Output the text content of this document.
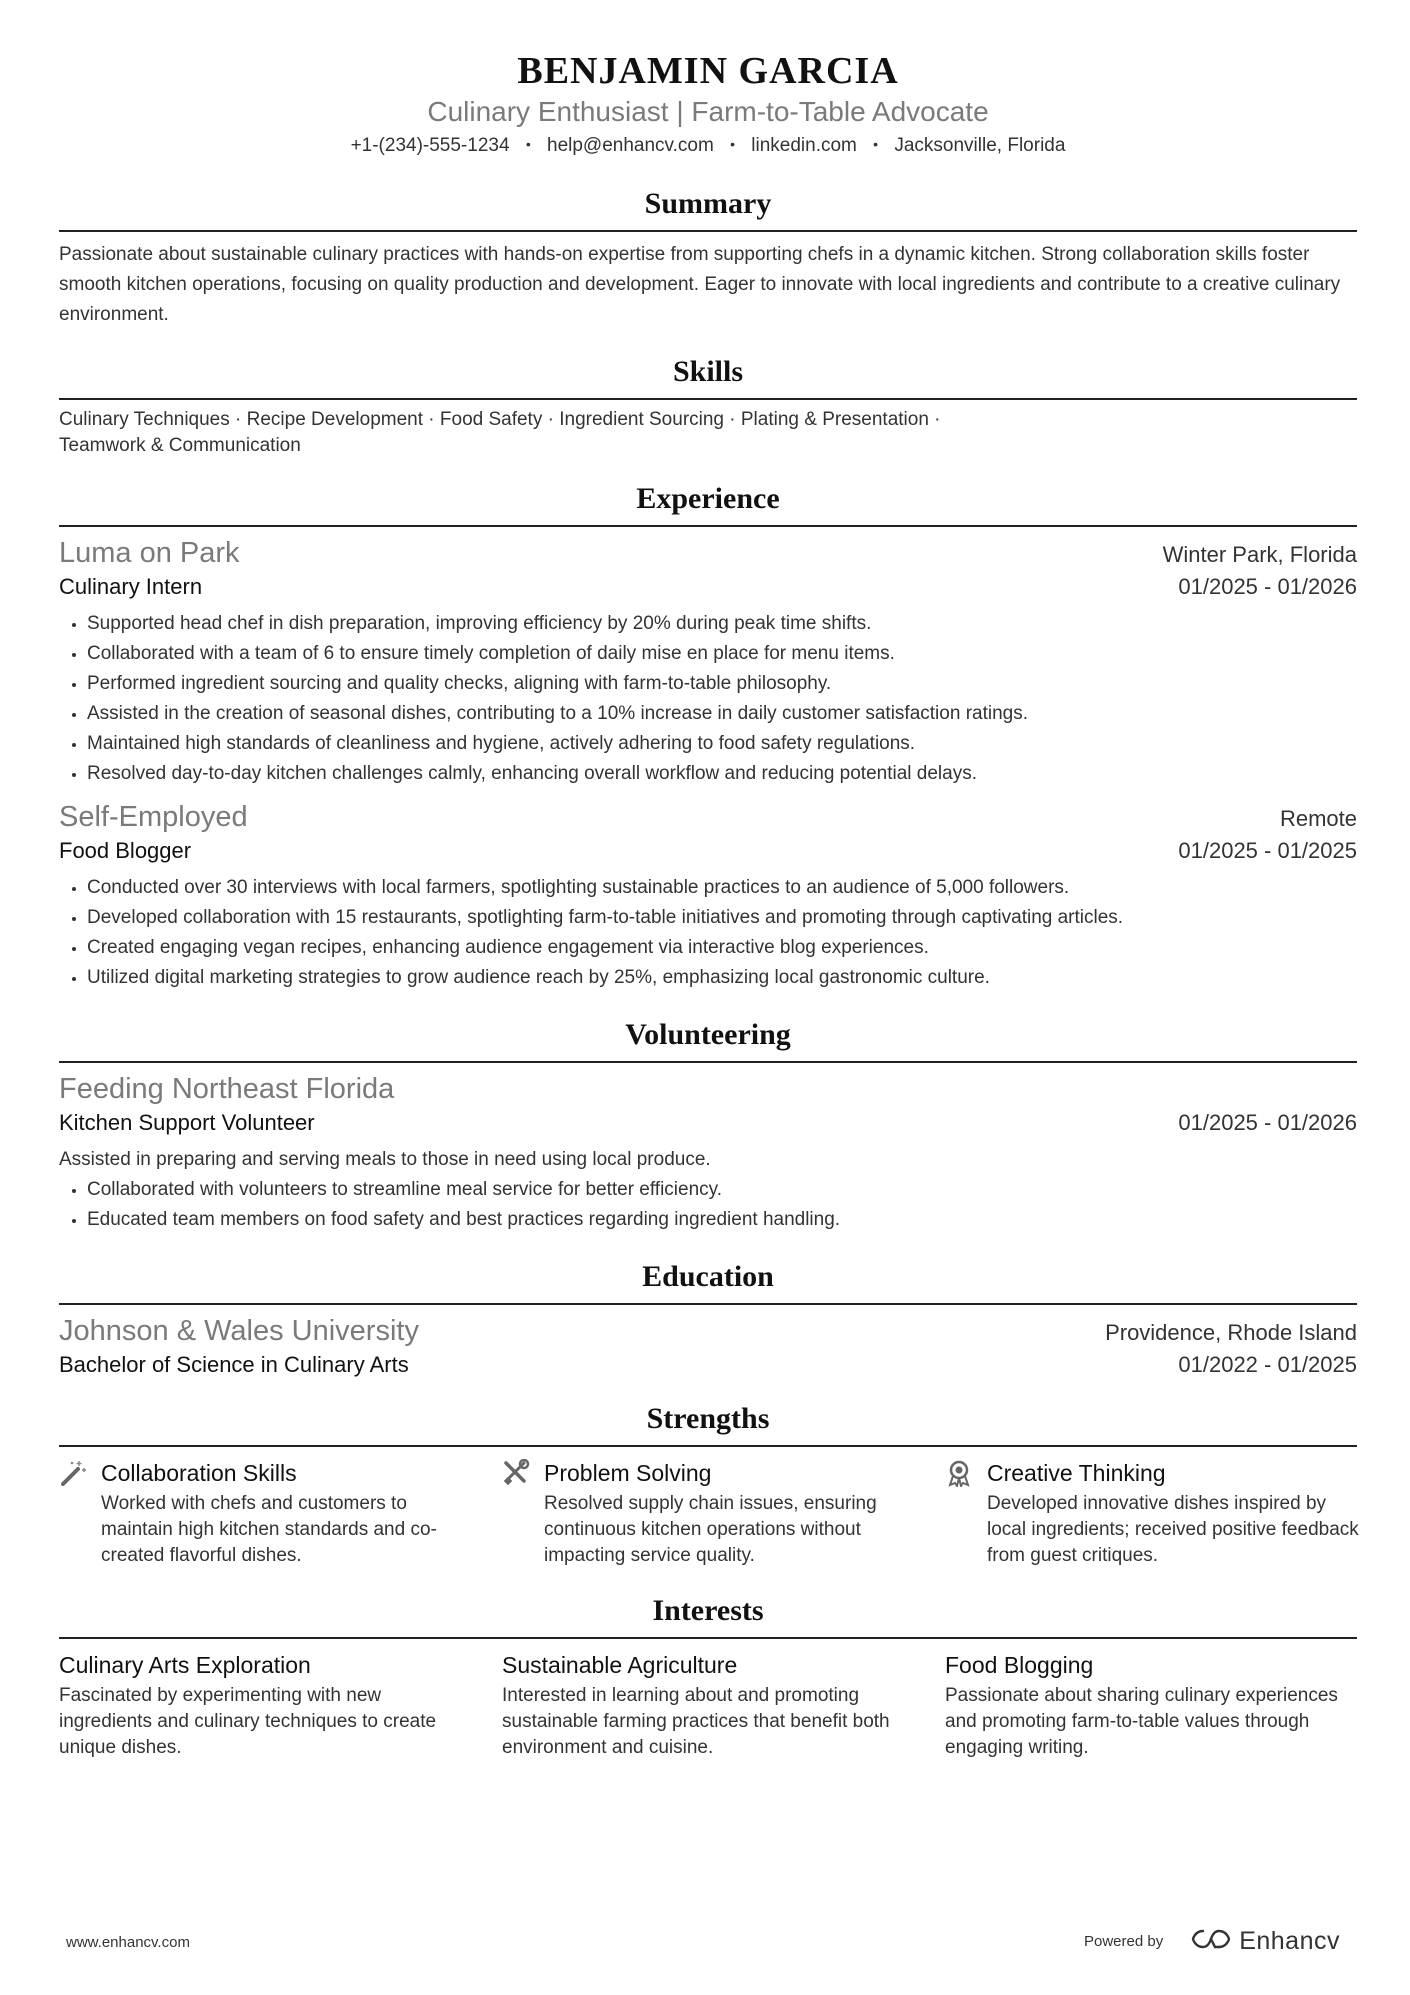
BENJAMIN GARCIA
Culinary Enthusiast | Farm-to-Table Advocate
+1-(234)-555-1234 • help@enhancv.com • linkedin.com • Jacksonville, Florida
Summary
Passionate about sustainable culinary practices with hands-on expertise from supporting chefs in a dynamic kitchen. Strong collaboration skills foster smooth kitchen operations, focusing on quality production and development. Eager to innovate with local ingredients and contribute to a creative culinary environment.
Skills
Culinary Techniques · Recipe Development · Food Safety · Ingredient Sourcing · Plating & Presentation ·
Teamwork & Communication
Experience
Luma on Park	Winter Park, Florida
Culinary Intern	01/2025 - 01/2026
• Supported head chef in dish preparation, improving efficiency by 20% during peak time shifts.
• Collaborated with a team of 6 to ensure timely completion of daily mise en place for menu items.
• Performed ingredient sourcing and quality checks, aligning with farm-to-table philosophy.
• Assisted in the creation of seasonal dishes, contributing to a 10% increase in daily customer satisfaction ratings.
• Maintained high standards of cleanliness and hygiene, actively adhering to food safety regulations.
• Resolved day-to-day kitchen challenges calmly, enhancing overall workflow and reducing potential delays.
Self-Employed	Remote
Food Blogger	01/2025 - 01/2025
• Conducted over 30 interviews with local farmers, spotlighting sustainable practices to an audience of 5,000 followers.
• Developed collaboration with 15 restaurants, spotlighting farm-to-table initiatives and promoting through captivating articles.
• Created engaging vegan recipes, enhancing audience engagement via interactive blog experiences.
• Utilized digital marketing strategies to grow audience reach by 25%, emphasizing local gastronomic culture.
Volunteering
Feeding Northeast Florida
Kitchen Support Volunteer	01/2025 - 01/2026
Assisted in preparing and serving meals to those in need using local produce.
• Collaborated with volunteers to streamline meal service for better efficiency.
• Educated team members on food safety and best practices regarding ingredient handling.
Education
Johnson & Wales University	Providence, Rhode Island
Bachelor of Science in Culinary Arts	01/2022 - 01/2025
Strengths
Collaboration Skills
Worked with chefs and customers to maintain high kitchen standards and co-created flavorful dishes.
Problem Solving
Resolved supply chain issues, ensuring continuous kitchen operations without impacting service quality.
Creative Thinking
Developed innovative dishes inspired by local ingredients; received positive feedback from guest critiques.
Interests
Culinary Arts Exploration
Fascinated by experimenting with new ingredients and culinary techniques to create unique dishes.
Sustainable Agriculture
Interested in learning about and promoting sustainable farming practices that benefit both environment and cuisine.
Food Blogging
Passionate about sharing culinary experiences and promoting farm-to-table values through engaging writing.
www.enhancv.com	Powered by	Enhancv
